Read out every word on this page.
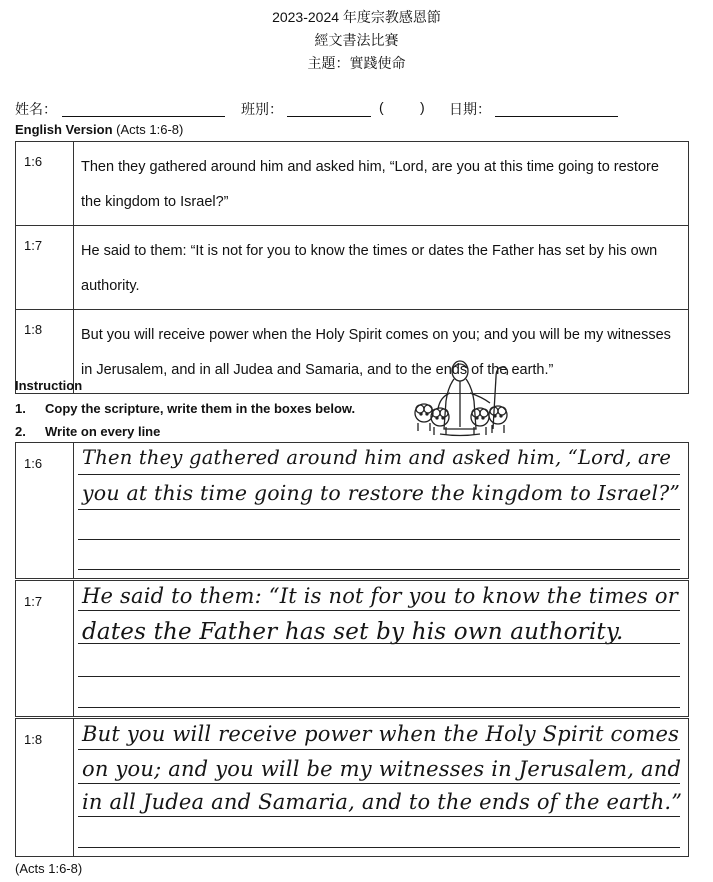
2023-2024 年度宗教感恩節
經文書法比賽
主題：實踐使命
姓名：	班別：	(	) 日期：
English Version (Acts 1:6-8)
1:6	Then they gathered around him and asked him, “Lord, are you at this time going to restore the kingdom to Israel?”
1:7	He said to them: “It is not for you to know the times or dates the Father has set by his own authority.
1:8	But you will receive power when the Holy Spirit comes on you; and you will be my witnesses in Jerusalem, and in all Judea and Samaria, and to the ends of the earth.”
Instruction
1. Copy the scripture, write them in the boxes below.
2. Write on every line
1:6 Then they gathered around him and asked him, “Lord, are
you at this time going to restore the kingdom to Israel?”
1:7 He said to them: “It is not for you to know the times or
dates the Father has set by his own authority.
1:8 But you will receive power when the Holy Spirit comes
on you; and you will be my witnesses in Jerusalem, and
in all Judea and Samaria, and to the ends of the earth.”
(Acts 1:6-8)
